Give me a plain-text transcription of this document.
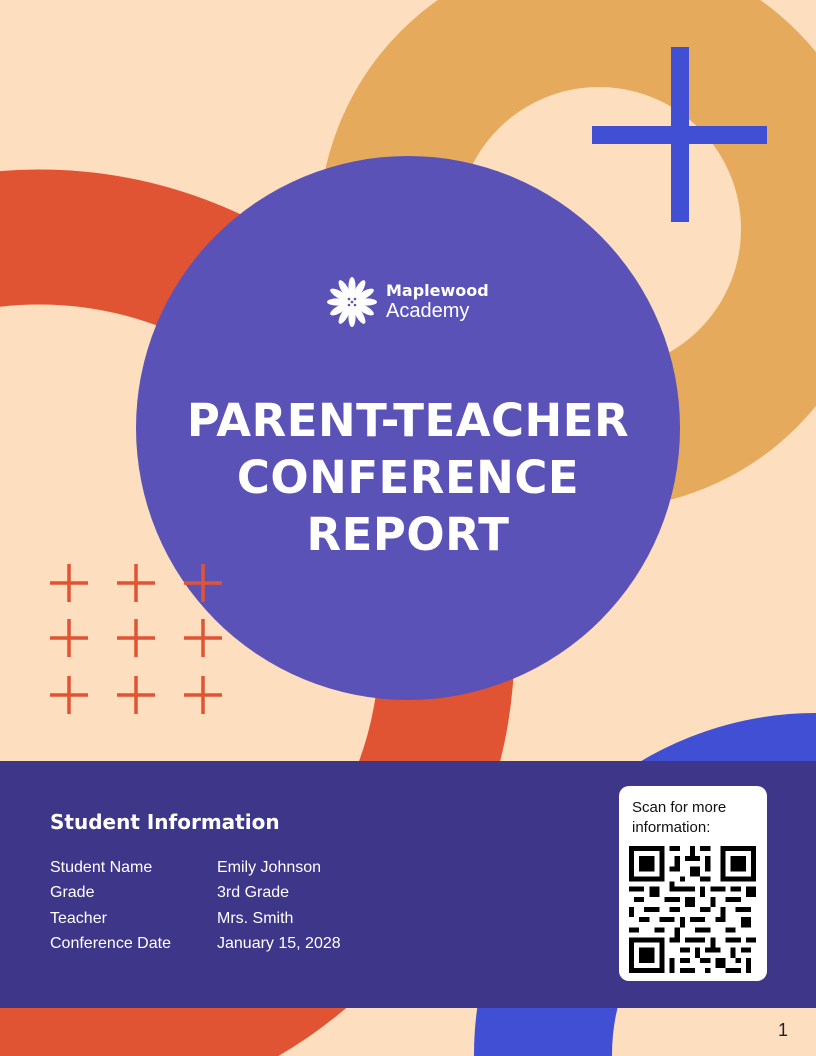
Maplewood
Academy
PARENT-TEACHER
CONFERENCE
REPORT
Student Information
Student Name	Emily Johnson
Grade	3rd Grade
Teacher	Mrs. Smith
Conference Date	January 15, 2028
Scan for more information:
1
